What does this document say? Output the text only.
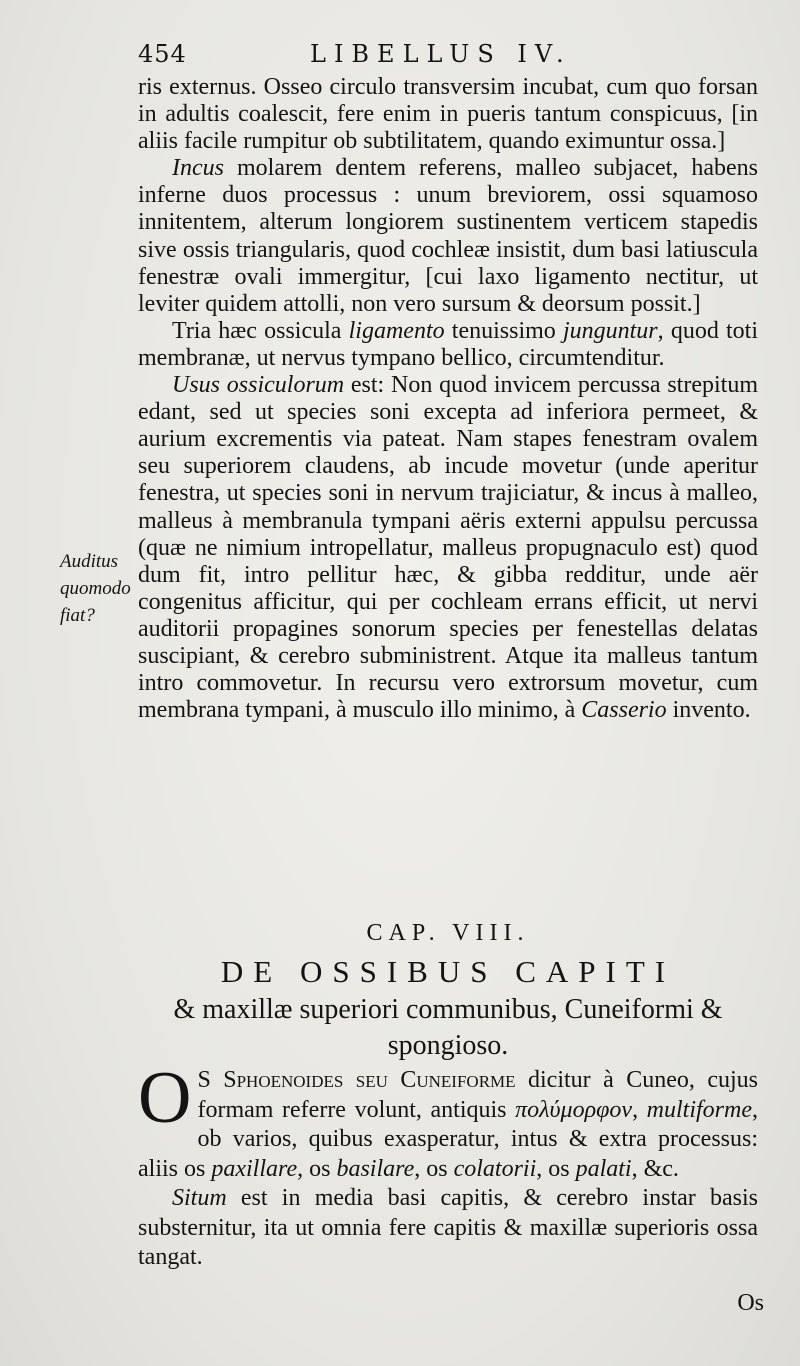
454	LIBELLUS IV.

ris externus. Osseo circulo transversim incubat, cum quo forsan in adultis coalescit, fere enim in pueris tantum conspicuus, [in aliis facile rumpitur ob subtilitatem, quando eximuntur ossa.]

Incus molarem dentem referens, malleo subjacet, habens inferne duos processus : unum breviorem, ossi squamoso innitentem, alterum longiorem sustinentem verticem stapedis sive ossis triangularis, quod cochleæ insistit, dum basi latiuscula fenestræ ovali immergitur, [cui laxo ligamento nectitur, ut leviter quidem attolli, non vero sursum & deorsum possit.]

Tria hæc ossicula ligamento tenuissimo junguntur, quod toti membranæ, ut nervus tympano bellico, circumtenditur.

Usus ossiculorum est: Non quod invicem percussa strepitum edant, sed ut species soni excepta ad inferiora permeet, & aurium excrementis via pateat. Nam stapes fenestram ovalem seu superiorem claudens, ab incude movetur (unde aperitur fenestra, ut species soni in nervum trajiciatur, & incus à malleo, malleus à membranula tympani aëris externi appulsu percussa (quæ ne nimium intropellatur, malleus propugnaculo est) quod dum fit, intro pellitur hæc, & gibba redditur, unde aër congenitus afficitur, qui per cochleam errans efficit, ut nervi auditorii propagines sonorum species per fenestellas delatas suscipiant, & cerebro subministrent. Atque ita malleus tantum intro commovetur. In recursu vero extrorsum movetur, cum membrana tympani, à musculo illo minimo, à Casserio invento.

Auditus quomodo fiat?
CAP. VIII.
DE OSSIBUS CAPITI
& maxillæ superiori communibus, Cuneiformi & spongioso.

O S Sphoenoides seu Cuneiforme dicitur à Cuneo, cujus formam referre volunt, antiquis πολύμορφον, multiforme, ob varios, quibus exasperatur, intus & extra processus: aliis os paxillare, os basilare, os colatorii, os palati, &c.

Situm est in media basi capitis, & cerebro instar basis substernitur, ita ut omnia fere capitis & maxillæ superioris ossa tangat.

Os
